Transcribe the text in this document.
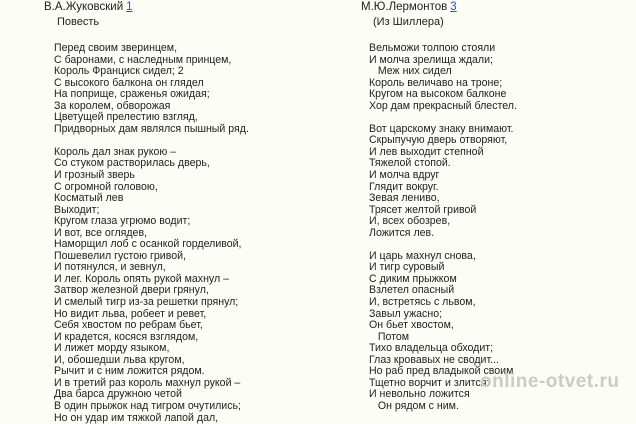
В.А.Жуковский 1
Повесть
Перед своим зверинцем,
С баронами, с наследным принцем,
Король Франциск сидел; 2
С высокого балкона он глядел
На поприще, сраженья ожидая;
За королем, обворожая
Цветущей прелестию взгляд,
Придворных дам являлся пышный ряд.
Король дал знак рукою –
Со стуком растворилась дверь,
И грозный зверь
С огромной головою,
Косматый лев
Выходит;
Кругом глаза угрюмо водит;
И вот, все оглядев,
Наморщил лоб с осанкой горделивой,
Пошевелил густою гривой,
И потянулся, и зевнул,
И лег. Король опять рукой махнул –
Затвор железной двери грянул,
И смелый тигр из-за решетки прянул;
Но видит льва, робеет и ревет,
Себя хвостом по ребрам бьет,
И крадется, косяся взглядом,
И лижет морду языком,
И, обошедши льва кругом,
Рычит и с ним ложится рядом.
И в третий раз король махнул рукой –
Два барса дружною четой
В один прыжок над тигром очутились;
Но он удар им тяжкой лапой дал,
М.Ю.Лермонтов 3
(Из Шиллера)
Вельможи толпою стояли
И молча зрелища ждали;
Меж них сидел
Король величаво на троне;
Кругом на высоком балконе
Хор дам прекрасный блестел.
Вот царскому знаку внимают.
Скрыпучую дверь отворяют,
И лев выходит степной
Тяжелой стопой.
И молча вдруг
Глядит вокруг.
Зевая лениво,
Трясет желтой гривой
И, всех обозрев,
Ложится лев.
И царь махнул снова,
И тигр суровый
С диким прыжком
Взлетел опасный
И, встретясь с львом,
Завыл ужасно;
Он бьет хвостом,
Потом
Тихо владельца обходит;
Глаз кровавых не сводит...
Но раб пред владыкой своим
Тщетно ворчит и злится:
И невольно ложится
Он рядом с ним.
online-otvet.ru
